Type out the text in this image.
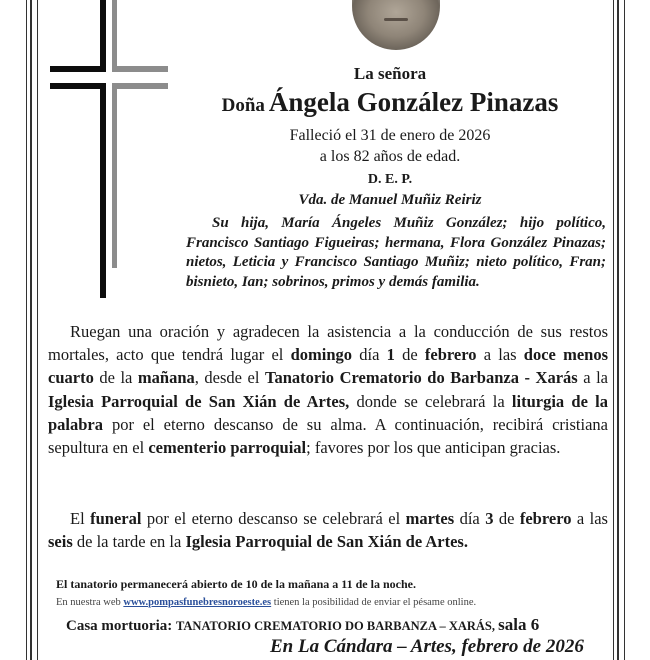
La señora
Doña Ángela González Pinazas
Falleció el 31 de enero de 2026
a los 82 años de edad.
D. E. P.
Vda. de Manuel Muñiz Reiriz
Su hija, María Ángeles Muñiz González; hijo político, Francisco Santiago Figueiras; hermana, Flora González Pinazas; nietos, Leticia y Francisco Santiago Muñiz; nieto político, Fran; bisnieto, Ian; sobrinos, primos y demás familia.
Ruegan una oración y agradecen la asistencia a la conducción de sus restos mortales, acto que tendrá lugar el domingo día 1 de febrero a las doce menos cuarto de la mañana, desde el Tanatorio Crematorio do Barbanza - Xarás a la Iglesia Parroquial de San Xián de Artes, donde se celebrará la liturgia de la palabra por el eterno descanso de su alma. A continuación, recibirá cristiana sepultura en el cementerio parroquial; favores por los que anticipan gracias.
El funeral por el eterno descanso se celebrará el martes día 3 de febrero a las seis de la tarde en la Iglesia Parroquial de San Xián de Artes.
El tanatorio permanecerá abierto de 10 de la mañana a 11 de la noche.
En nuestra web www.pompasfunebresnoroeste.es tienen la posibilidad de enviar el pésame online.
Casa mortuoria: TANATORIO CREMATORIO DO BARBANZA – XARÁS, sala 6
En La Cándara – Artes, febrero de 2026
